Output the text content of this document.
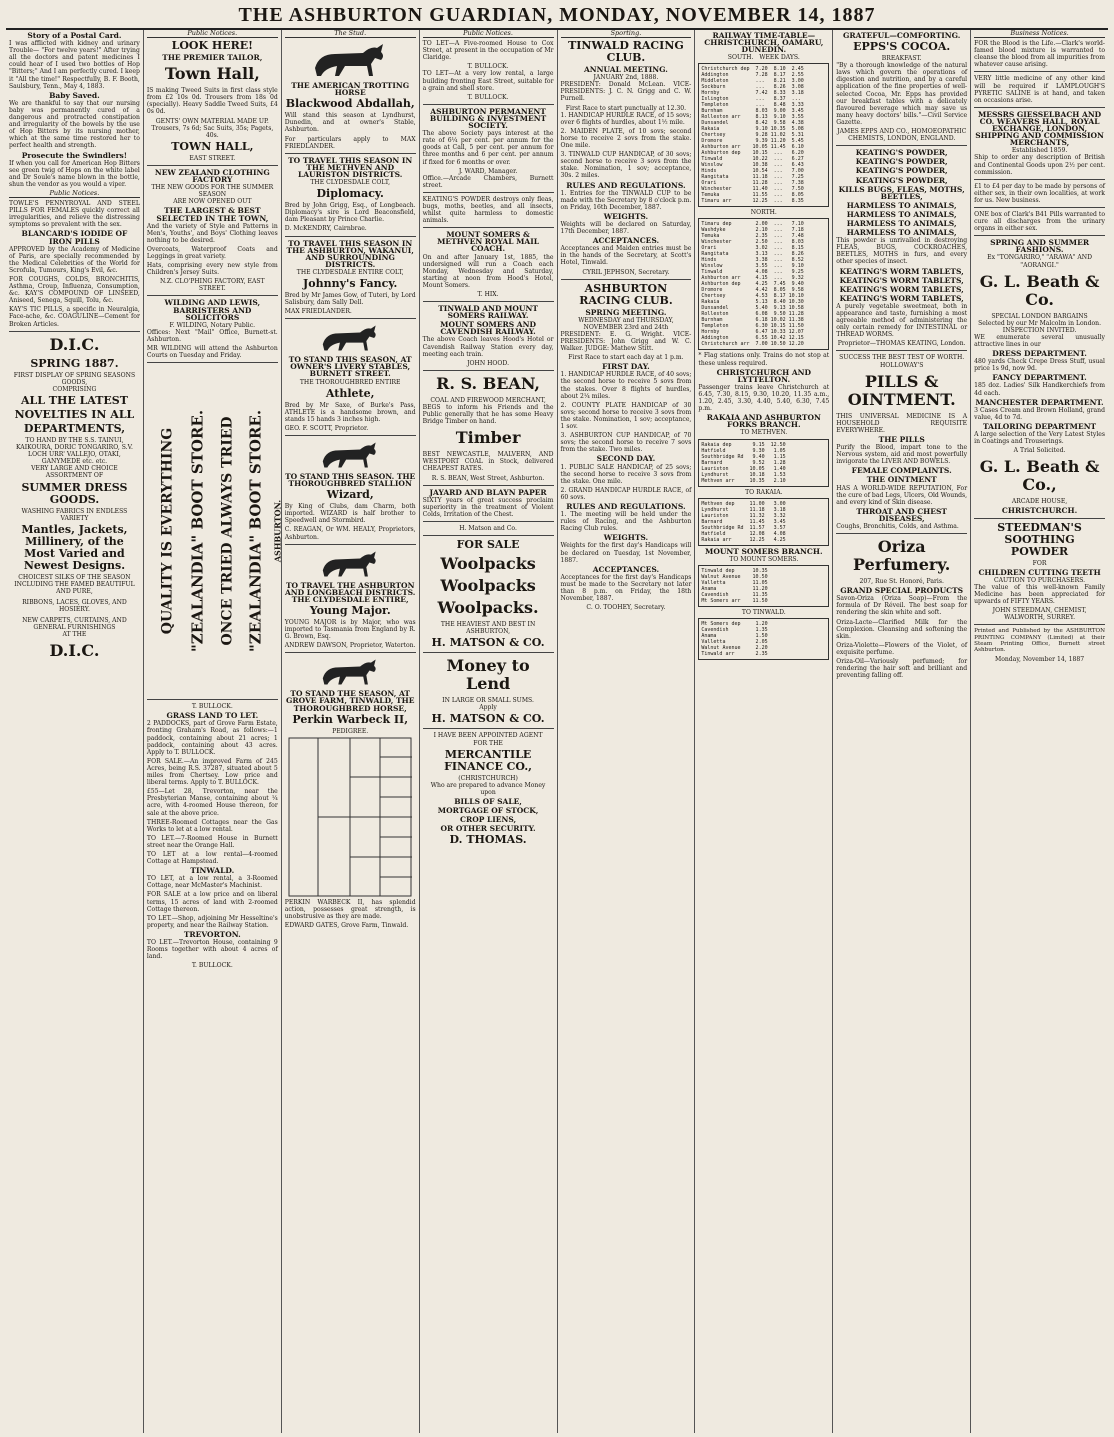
THE ASHBURTON GUARDIAN, MONDAY, NOVEMBER 14, 1887
Story of a Postal Card.
I was afflicted with kidney and urinary Trouble— "For twelve years!" After trying all the doctors and patent medicines I could hear of I used two bottles of Hop "Bitters;" And I am perfectly cured. I keep it "All the time!" Respectfully, B. F. Booth, Saulsbury, Tenn., May 4, 1883.
Baby Saved.
We are thankful to say that our nursing baby was permanently cured of a dangerous and protracted constipation and irregularity of the bowels by the use of Hop Bitters by its nursing mother, which at the same time restored her to perfect health and strength.
Prosecute the Swindlers!
If when you call for American Hop Bitters see green twig of Hops on the white label and Dr Soule's name blown in the bottle, shun the vendor as you would a viper.
Public Notices.
TOWLE'S PENNYROYAL AND STEEL PILLS FOR FEMALES quickly correct all irregularities, and relieve the distressing symptoms so prevalent with the sex.
BLANCARD'S IODIDE OF IRON PILLS
APPROVED by the Academy of Medicine of Paris, are specially recommended by the Medical Celebrities of the World for Scrofula, Tumours, King's Evil, &c.
FOR COUGHS, COLDS, BRONCHITIS, Asthma, Croup, Influenza, Consumption, &c. KAY'S COMPOUND OF LINSEED, Aniseed, Senega, Squill, Tolu, &c.
KAY'S TIC PILLS, a specific in Neuralgia, Face-ache, &c. COAGULINE—Cement for Broken Articles.
D.I.C.
SPRING 1887.
FIRST DISPLAY OF SPRING SEASONS GOODS,
COMPRISING
ALL THE LATEST
NOVELTIES IN ALL
DEPARTMENTS,
TO HAND BY THE S.S. TAINUI, KAIKOURA, DORIC TONGARIRO, S.V. LOCH URR' VALLEJO, OTAKI, GANYMEDE etc. etc.
VERY LARGE AND CHOICE ASSORTMENT OF
SUMMER DRESS GOODS.
WASHING FABRICS IN ENDLESS VARIETY
Mantles, Jackets, Millinery, of the Most Varied and Newest Designs.
CHOICEST SILKS OF THE SEASON INCLUDING THE FAMED BEAUTIFUL AND PURE,
RIBBONS, LACES, GLOVES, AND HOSIERY.
NEW CARPETS, CURTAINS, AND GENERAL FURNISHINGS
AT THE
D.I.C.
Public Notices.
LOOK HERE!
THE PREMIER TAILOR,
Town Hall,
IS making Tweed Suits in first class style from £2 10s 0d. Trousers from 18s 0d (specially). Heavy Saddle Tweed Suits, £4 0s 0d.
GENTS' OWN MATERIAL MADE UP.
Trousers, 7s 6d; Sac Suits, 35s; Pagets, 40s.
TOWN HALL,
EAST STREET.
NEW ZEALAND CLOTHING FACTORY
THE NEW GOODS FOR THE SUMMER SEASON
ARE NOW OPENED OUT
THE LARGEST & BEST SELECTED IN THE TOWN,
And the variety of Style and Patterns in Men's, Youths', and Boys' Clothing leaves nothing to be desired.
Overcoats, Waterproof Coats and Leggings in great variety.
Hats, comprising every new style from Children's Jersey Suits.
N.Z. CLO'PHING FACTORY, EAST STREET.
WILDING AND LEWIS, BARRISTERS AND SOLICITORS
F. WILDING, Notary Public.
Offices: Next "Mail" Office, Burnett-st. Ashburton.
MR WILDING will attend the Ashburton Courts on Tuesday and Friday.
QUALITY IS EVERYTHING "ZEALANDIA" BOOT STORE. ONCE TRIED ALWAYS TRIED "ZEALANDIA" BOOT STORE. ASHBURTON.
T. BULLOCK.
GRASS LAND TO LET.
2 PADDOCKS, part of Grove Farm Estate, fronting Graham's Road, as follows:—1 paddock, containing about 21 acres; 1 paddock, containing about 43 acres. Apply to T. BULLOCK.
FOR SALE.—An improved Farm of 245 Acres, being R.S. 37287, situated about 5 miles from Chertsey. Low price and liberal terms. Apply to T. BULLOCK.
£55—Let 28, Trevorton, near the Presbyterian Manse, containing about ¼ acre, with 4-roomed House thereon, for sale at the above price.
THREE-Roomed Cottages near the Gas Works to let at a low rental.
TO LET.—7-Roomed House in Burnett street near the Orange Hall.
TO LET at a low rental—4-roomed Cottage at Hampstead.
TINWALD.
TO LET, at a low rental, a 3-Roomed Cottage, near McMaster's Machinist.
FOR SALE at a low price and on liberal terms, 15 acres of land with 2-roomed Cottage thereon.
TO LET.—Shop, adjoining Mr Hesseltine's property, and near the Railway Station.
TREVORTON.
TO LET.—Trevorton House, containing 9 Rooms together with about 4 acres of land.
T. BULLOCK.
The Stud.
THE AMERICAN TROTTING HORSE
Blackwood Abdallah,
Will stand this season at Lyndhurst, Dunedin, and at owner's Stable, Ashburton.
For particulars apply to MAX FRIEDLANDER.
TO TRAVEL THIS SEASON IN THE METHVEN AND LAURISTON DISTRICTS.
THE CLYDESDALE COLT,
Diplomacy.
Bred by John Grigg, Esq., of Longbeach. Diplomacy's sire is Lord Beaconsfield, dam Pleasant by Prince Charlie.
D. McKENDRY, Cairnbrae.
TO TRAVEL THIS SEASON IN THE ASHBURTON, WAKANUI, AND SURROUNDING DISTRICTS.
THE CLYDESDALE ENTIRE COLT,
Johnny's Fancy.
Bred by Mr James Gow, of Tuteri, by Lord Salisbury, dam Sally Dell.
MAX FRIEDLANDER.
TO STAND THIS SEASON, AT OWNER'S LIVERY STABLES, BURNETT STREET.
THE THOROUGHBRED ENTIRE
Athlete,
Bred by Mr Saxe, of Burke's Pass, ATHLETE is a handsome brown, and stands 15 hands 3 inches high.
GEO. F. SCOTT, Proprietor.
TO STAND THIS SEASON. THE THOROUGHBRED STALLION
Wizard,
By King of Clubs, dam Charm, both imported. WIZARD is half brother to Speedwell and Stormbird.
C. REAGAN, Or WM. HEALY, Proprietors, Ashburton.
TO TRAVEL THE ASHBURTON AND LONGBEACH DISTRICTS. THE CLYDESDALE ENTIRE,
Young Major.
YOUNG MAJOR is by Major, who was imported to Tasmania from England by R. G. Brown, Esq.
ANDREW DAWSON, Proprietor, Waterton.
TO STAND THE SEASON, AT GROVE FARM, TINWALD, THE THOROUGHBRED HORSE,
Perkin Warbeck II,
PEDIGREE.
PERKIN WARBECK II, has splendid action, possesses great strength, is unobstrusive as they are made.
EDWARD GATES, Grove Farm, Tinwald.
Public Notices.
TO LET—A Five-roomed House to Cox Street, at present in the occupation of Mr Claridge.
T. BULLOCK.
TO LET—At a very low rental, a large building fronting East Street, suitable for a grain and shell store.
T. BULLOCK.
ASHBURTON PERMANENT BUILDING & INVESTMENT SOCIETY.
The above Society pays interest at the rate of 6¼ per cent. per annum for the goods at Call, 5 per cent. per annum for three months and 6 per cent. per annum if fixed for 6 months or over.
J. WARD, Manager.
Office.—Arcade Chambers, Burnett street.
KEATING'S POWDER destroys only fleas, bugs, moths, beetles, and all insects, whilst quite harmless to domestic animals.
MOUNT SOMERS & METHVEN ROYAL MAIL COACH.
On and after January 1st, 1885, the undersigned will run a Coach each Monday, Wednesday and Saturday, starting at noon from Hood's Hotel, Mount Somers.
T. HIX.
TINWALD AND MOUNT SOMERS RAILWAY.
MOUNT SOMERS AND CAVENDISH RAILWAY.
The above Coach leaves Hood's Hotel or Cavendish Railway Station every day, meeting each train.
JOHN HOOD.
R. S. BEAN,
COAL AND FIREWOOD MERCHANT,
BEGS to inform his Friends and the Public generally that he has some Heavy Bridge Timber on hand.
Timber
BEST NEWCASTLE, MALVERN, AND WESTPORT COAL in Stock, delivered CHEAPEST RATES.
R. S. BEAN, West Street, Ashburton.
JAYARD AND BLAYN PAPER
SIXTY years of great success proclaim superiority in the treatment of Violent Colds, Irritation of the Chest.
H. Matson and Co.
FOR SALE
Woolpacks
Woolpacks
Woolpacks.
THE HEAVIEST AND BEST IN ASHBURTON,
H. MATSON & CO.
Money to Lend
IN LARGE OR SMALL SUMS.
Apply
H. MATSON & CO.
I HAVE BEEN APPOINTED AGENT
FOR THE
MERCANTILE FINANCE CO.,
(CHRISTCHURCH)
Who are prepared to advance Money upon
BILLS OF SALE,
MORTGAGE OF STOCK,
CROP LIENS,
OR OTHER SECURITY.
D. THOMAS.
Sporting.
TINWALD RACING CLUB.
ANNUAL MEETING.
JANUARY 2nd, 1888.
PRESIDENT: Donald McLean. VICE-PRESIDENTS: J. C. N. Grigg and C. W. Purnell.
First Race to start punctually at 12.30.
1. HANDICAP HURDLE RACE, of 15 sovs; over 6 flights of hurdles, about 1½ mile.
2. MAIDEN PLATE, of 10 sovs; second horse to receive 2 sovs from the stake. One mile.
3. TINWALD CUP HANDICAP, of 30 sovs; second horse to receive 3 sovs from the stake. Nomination, 1 sov; acceptance, 30s. 2 miles.
RULES AND REGULATIONS.
1. Entries for the TINWALD CUP to be made with the Secretary by 8 o'clock p.m. on Friday, 16th December, 1887.
WEIGHTS.
Weights will be declared on Saturday, 17th December, 1887.
ACCEPTANCES.
Acceptances and Maiden entries must be in the hands of the Secretary, at Scott's Hotel, Tinwald.
CYRIL JEPHSON, Secretary.
ASHBURTON RACING CLUB.
SPRING MEETING.
WEDNESDAY and THURSDAY, NOVEMBER 23rd and 24th
PRESIDENT: E. G. Wright. VICE-PRESIDENTS: John Grigg and W. C. Walker. JUDGE: Mathew Stitt.
First Race to start each day at 1 p.m.
FIRST DAY.
1. HANDICAP HURDLE RACE, of 40 sovs; the second horse to receive 5 sovs from the stakes. Over 8 flights of hurdles, about 2¼ miles.
2. COUNTY PLATE HANDICAP of 30 sovs; second horse to receive 3 sovs from the stake. Nomination, 1 sov; acceptance, 1 sov.
3. ASHBURTON CUP HANDICAP, of 70 sovs; the second horse to receive 7 sovs from the stake. Two miles.
SECOND DAY.
1. PUBLIC SALE HANDICAP, of 25 sovs; the second horse to receive 3 sovs from the stake. One mile.
2. GRAND HANDICAP HURDLE RACE, of 60 sovs.
RULES AND REGULATIONS.
1. The meeting will be held under the rules of Racing, and the Ashburton Racing Club rules.
WEIGHTS.
Weights for the first day's Handicaps will be declared on Tuesday, 1st November, 1887.
ACCEPTANCES.
Acceptances for the first day's Handicaps must be made to the Secretary not later than 8 p.m. on Friday, the 18th November, 1887.
C. O. TOOHEY, Secretary.
RAILWAY TIME-TABLE—CHRISTCHURCH, OAMARU, DUNEDIN.
SOUTH. WEEK DAYS.
Christchurch dep  7.20  8.10  2.45
Addington         7.28  8.17  2.55
Middleton         ...   8.21  3.00
Sockburn          ...   8.26  3.08
Hornby            7.42  8.33  3.18
Islington         ...   8.37  ...
Templeton         ...   8.48  3.33
Burnham           8.03  9.00  3.45
Rolleston arr     8.13  9.10  3.55
Dunsandel         8.42  9.58  4.38
Rakaia            9.10 10.35  5.08
Chertsey          9.28 11.02  5.31
Dromore           9.39 11.20  5.45
Ashburton arr    10.05 11.45  6.10
Ashburton dep    10.15  ...   6.20
Tinwald          10.22  ...   6.27
Winslow          10.38  ...   6.43
Hinds            10.54  ...   7.00
Rangitata        11.18  ...   7.25
Orari            11.28  ...   7.38
Winchester       11.40  ...   7.50
Temuka           11.55  ...   8.05
Timaru arr       12.25  ...   8.35
NORTH.
Timaru dep        2.00  ...   7.10
Washdyke          2.10  ...   7.18
Temuka            2.35  ...   7.48
Winchester        2.50  ...   8.03
Orari             3.02  ...   8.15
Rangitata         3.13  ...   8.26
Hinds             3.38  ...   8.52
Winslow           3.55  ...   9.10
Tinwald           4.08  ...   9.25
Ashburton arr     4.15  ...   9.32
Ashburton dep     4.25  7.45  9.40
Dromore           4.42  8.05  9.58
Chertsey          4.53  8.17 10.10
Rakaia            5.13  8.40 10.30
Dunsandel         5.40  9.13 10.58
Rolleston         6.08  9.50 11.28
Burnham           6.18 10.02 11.38
Templeton         6.30 10.15 11.50
Hornby            6.47 10.33 12.07
Addington         6.55 10.42 12.15
Christchurch arr  7.00 10.50 12.20
* Flag stations only. Trains do not stop at these unless required.
CHRISTCHURCH AND LYTTELTON.
Passenger trains leave Christchurch at 6.45, 7.30, 8.15, 9.30, 10.20, 11.35 a.m., 1.20, 2.45, 3.30, 4.40, 5.40, 6.30, 7.45 p.m.
RAKAIA AND ASHBURTON FORKS BRANCH.
TO METHVEN.
Rakaia dep       9.15  12.50
Hatfield         9.30   1.05
Southbridge Rd   9.40   1.15
Barnard          9.52   1.28
Lauriston       10.05   1.40
Lyndhurst       10.18   1.53
Methven arr     10.35   2.10
TO RAKAIA.
Methven dep     11.00   3.00
Lyndhurst       11.18   3.18
Lauriston       11.32   3.32
Barnard         11.45   3.45
Southbridge Rd  11.57   3.57
Hatfield        12.08   4.08
Rakaia arr      12.25   4.25
MOUNT SOMERS BRANCH.
TO MOUNT SOMERS.
Tinwald dep      10.35
Walnut Avenue    10.50
Valletta         11.05
Anama            11.20
Cavendish        11.35
Mt Somers arr    11.50
TO TINWALD.
Mt Somers dep     1.20
Cavendish         1.35
Anama             1.50
Valletta          2.05
Walnut Avenue     2.20
Tinwald arr       2.35
GRATEFUL—COMFORTING.
EPPS'S COCOA.
BREAKFAST.
"By a thorough knowledge of the natural laws which govern the operations of digestion and nutrition, and by a careful application of the fine properties of well-selected Cocoa, Mr. Epps has provided our breakfast tables with a delicately flavoured beverage which may save us many heavy doctors' bills."—Civil Service Gazette.
JAMES EPPS AND CO., HOMOEOPATHIC CHEMISTS, LONDON, ENGLAND.
KEATING'S POWDER,
KEATING'S POWDER,
KEATING'S POWDER,
KEATING'S POWDER,
KILLS BUGS, FLEAS, MOTHS, BEETLES,
HARMLESS TO ANIMALS,
HARMLESS TO ANIMALS,
HARMLESS TO ANIMALS,
HARMLESS TO ANIMALS,
This powder is unrivalled in destroying FLEAS, BUGS, COCKROACHES, BEETLES, MOTHS in furs, and every other species of insect.
KEATING'S WORM TABLETS,
KEATING'S WORM TABLETS,
KEATING'S WORM TABLETS,
KEATING'S WORM TABLETS,
A purely vegetable sweetmeat, both in appearance and taste, furnishing a most agreeable method of administering the only certain remedy for INTESTINAL or THREAD WORMS.
Proprietor—THOMAS KEATING, London.
SUCCESS THE BEST TEST OF WORTH.
HOLLOWAY'S
PILLS & OINTMENT.
THIS UNIVERSAL MEDICINE IS A HOUSEHOLD REQUISITE EVERYWHERE.
THE PILLS
Purify the Blood, impart tone to the Nervous system, aid and most powerfully invigorate the LIVER AND BOWELS.
FEMALE COMPLAINTS.
THE OINTMENT
HAS A WORLD-WIDE REPUTATION, For the cure of bad Legs, Ulcers, Old Wounds, and every kind of Skin disease.
THROAT AND CHEST DISEASES,
Coughs, Bronchitis, Colds, and Asthma.
Oriza Perfumery.
207, Rue St. Honoré, Paris.
GRAND SPECIAL PRODUCTS
Savon-Oriza (Oriza Soap)—From the formula of Dr Réveil. The best soap for rendering the skin white and soft.
Oriza-Lacte—Clarified Milk for the Complexion. Cleansing and softening the skin.
Oriza-Violette—Flowers of the Violet, of exquisite perfume.
Oriza-Oil—Variously perfumed; for rendering the hair soft and brilliant and preventing falling off.
Business Notices.
FOR the Blood is the Life.—Clark's world-famed blood mixture is warranted to cleanse the blood from all impurities from whatever cause arising.
VERY little medicine of any other kind will be required if LAMPLOUGH'S PYRETIC SALINE is at hand, and taken on occasions arise.
MESSRS GIESSELBACH AND CO. WEAVERS HALL, ROYAL EXCHANGE, LONDON, SHIPPING AND COMMISSION MERCHANTS,
Established 1859.
Ship to order any description of British and Continental Goods upon 2½ per cent. commission.
£1 to £4 per day to be made by persons of either sex, in their own localities, at work for us. New business.
ONE box of Clark's B41 Pills warranted to cure all discharges from the urinary organs in either sex.
SPRING AND SUMMER FASHIONS.
Ex "TONGARIRO," "ARAWA" AND "AORANGI."
G. L. Beath & Co.
SPECIAL LONDON BARGAINS
Selected by our Mr Malcolm in London.
INSPECTION INVITED.
WE enumerate several unusually attractive lines in our
DRESS DEPARTMENT.
480 yards Check Crepe Dress Stuff, usual price 1s 9d, now 9d.
FANCY DEPARTMENT.
185 doz. Ladies' Silk Handkerchiefs from 4d each.
MANCHESTER DEPARTMENT.
3 Cases Cream and Brown Holland, grand value, 4d to 7d.
TAILORING DEPARTMENT
A large selection of the Very Latest Styles in Coatings and Trouserings.
A Trial Solicited.
G. L. Beath & Co.,
ARCADE HOUSE,
CHRISTCHURCH.
STEEDMAN'S SOOTHING POWDER
FOR
CHILDREN CUTTING TEETH
CAUTION TO PURCHASERS.
The value of this well-known Family Medicine has been appreciated for upwards of FIFTY YEARS.
JOHN STEEDMAN, CHEMIST, WALWORTH, SURREY.
Printed and Published by the ASHBURTON PRINTING COMPANY (Limited) at their Steam Printing Office, Burnett street Ashburton.
Monday, November 14, 1887
